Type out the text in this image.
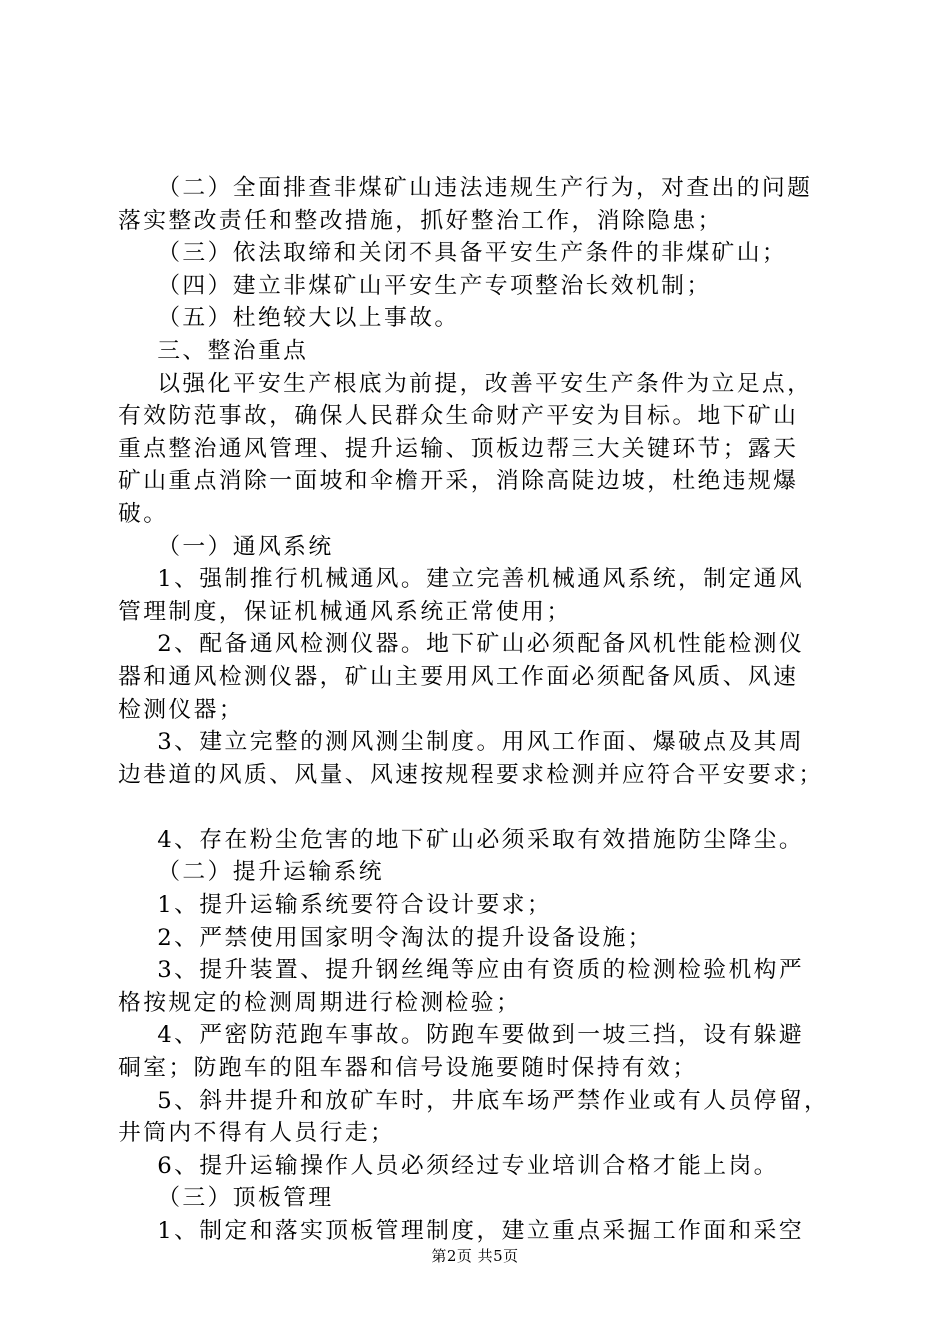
（二）全面排查非煤矿山违法违规生产行为，对查出的问题

落实整改责任和整改措施，抓好整治工作，消除隐患；

（三）依法取缔和关闭不具备平安生产条件的非煤矿山；

（四）建立非煤矿山平安生产专项整治长效机制；

（五）杜绝较大以上事故。

三、整治重点

以强化平安生产根底为前提，改善平安生产条件为立足点，

有效防范事故，确保人民群众生命财产平安为目标。地下矿山

重点整治通风管理、提升运输、顶板边帮三大关键环节；露天

矿山重点消除一面坡和伞檐开采，消除高陡边坡，杜绝违规爆

破。

（一）通风系统

1、强制推行机械通风。建立完善机械通风系统，制定通风

管理制度，保证机械通风系统正常使用；

2、配备通风检测仪器。地下矿山必须配备风机性能检测仪

器和通风检测仪器，矿山主要用风工作面必须配备风质、风速

检测仪器；

3、建立完整的测风测尘制度。用风工作面、爆破点及其周

边巷道的风质、风量、风速按规程要求检测并应符合平安要求；

4、存在粉尘危害的地下矿山必须采取有效措施防尘降尘。

（二）提升运输系统

1、提升运输系统要符合设计要求；

2、严禁使用国家明令淘汰的提升设备设施；

3、提升装置、提升钢丝绳等应由有资质的检测检验机构严

格按规定的检测周期进行检测检验；

4、严密防范跑车事故。防跑车要做到一坡三挡，设有躲避

硐室；防跑车的阻车器和信号设施要随时保持有效；

5、斜井提升和放矿车时，井底车场严禁作业或有人员停留，

井筒内不得有人员行走；

6、提升运输操作人员必须经过专业培训合格才能上岗。

（三）顶板管理

1、制定和落实顶板管理制度，建立重点采掘工作面和采空

第2页 共5页
